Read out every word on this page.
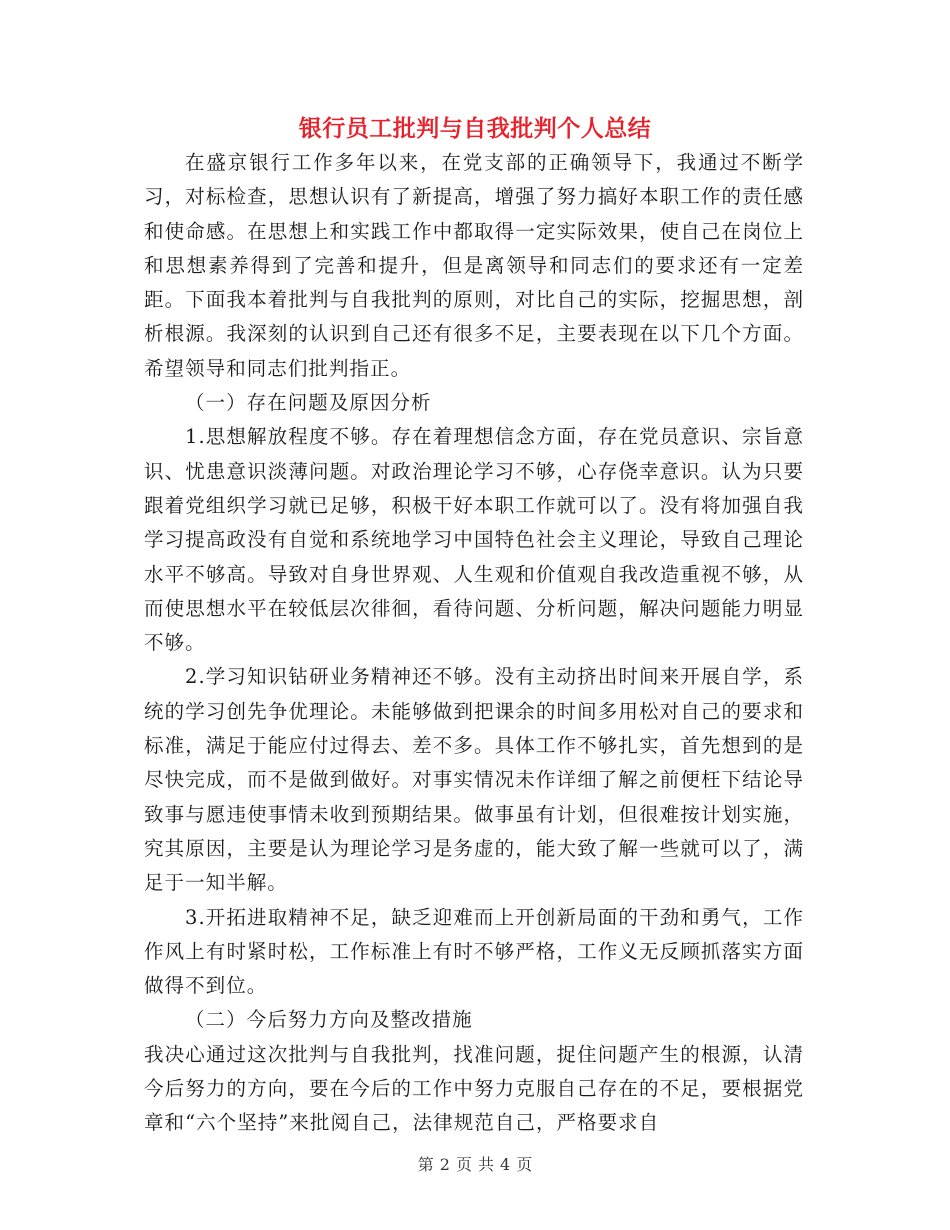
银行员工批判与自我批判个人总结

在盛京银行工作多年以来，在党支部的正确领导下，我通过不断学习，对标检查，思想认识有了新提高，增强了努力搞好本职工作的责任感和使命感。在思想上和实践工作中都取得一定实际效果，使自己在岗位上和思想素养得到了完善和提升，但是离领导和同志们的要求还有一定差距。下面我本着批判与自我批判的原则，对比自己的实际，挖掘思想，剖析根源。我深刻的认识到自己还有很多不足，主要表现在以下几个方面。希望领导和同志们批判指正。

（一）存在问题及原因分析

1.思想解放程度不够。存在着理想信念方面，存在党员意识、宗旨意识、忧患意识淡薄问题。对政治理论学习不够，心存侥幸意识。认为只要跟着党组织学习就已足够，积极干好本职工作就可以了。没有将加强自我学习提高政没有自觉和系统地学习中国特色社会主义理论，导致自己理论水平不够高。导致对自身世界观、人生观和价值观自我改造重视不够，从而使思想水平在较低层次徘徊，看待问题、分析问题，解决问题能力明显不够。

2.学习知识钻研业务精神还不够。没有主动挤出时间来开展自学，系统的学习创先争优理论。未能够做到把课余的时间多用松对自己的要求和标准，满足于能应付过得去、差不多。具体工作不够扎实，首先想到的是尽快完成，而不是做到做好。对事实情况未作详细了解之前便枉下结论导致事与愿违使事情未收到预期结果。做事虽有计划，但很难按计划实施，究其原因，主要是认为理论学习是务虚的，能大致了解一些就可以了，满足于一知半解。

3.开拓进取精神不足，缺乏迎难而上开创新局面的干劲和勇气，工作作风上有时紧时松，工作标准上有时不够严格，工作义无反顾抓落实方面做得不到位。

（二）今后努力方向及整改措施

我决心通过这次批判与自我批判，找准问题，捉住问题产生的根源，认清今后努力的方向，要在今后的工作中努力克服自己存在的不足，要根据党章和“六个坚持”来批阅自己，法律规范自己，严格要求自

第 2 页 共 4 页
